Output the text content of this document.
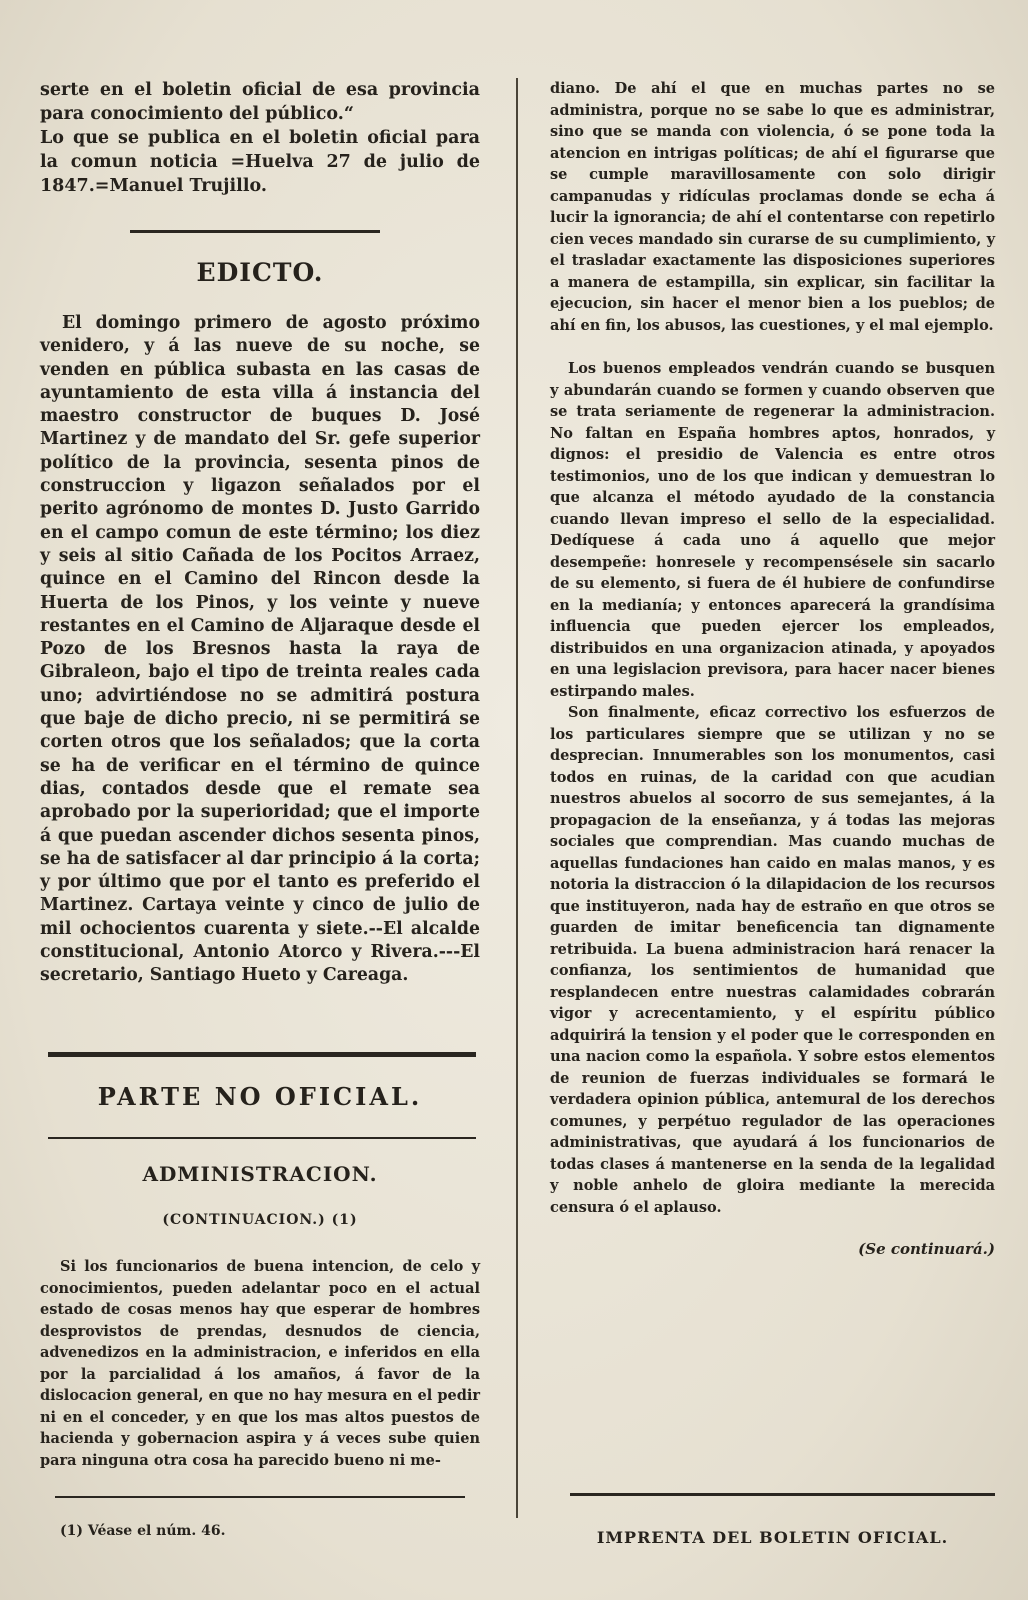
serte en el boletin oficial de esa provincia para conocimiento del público.“
Lo que se publica en el boletin oficial para la comun noticia =Huelva 27 de julio de 1847.=Manuel Trujillo.

EDICTO.

El domingo primero de agosto próximo venidero, y á las nueve de su noche, se venden en pública subasta en las casas de ayuntamiento de esta villa á instancia del maestro constructor de buques D. José Martinez y de mandato del Sr. gefe superior político de la provincia, sesenta pinos de construccion y ligazon señalados por el perito agrónomo de montes D. Justo Garrido en el campo comun de este término; los diez y seis al sitio Cañada de los Pocitos Arraez, quince en el Camino del Rincon desde la Huerta de los Pinos, y los veinte y nueve restantes en el Camino de Aljaraque desde el Pozo de los Bresnos hasta la raya de Gibraleon, bajo el tipo de treinta reales cada uno; advirtiéndose no se admitirá postura que baje de dicho precio, ni se permitirá se corten otros que los señalados; que la corta se ha de verificar en el término de quince dias, contados desde que el remate sea aprobado por la superioridad; que el importe á que puedan ascender dichos sesenta pinos, se ha de satisfacer al dar principio á la corta; y por último que por el tanto es preferido el Martinez. Cartaya veinte y cinco de julio de mil ochocientos cuarenta y siete.--El alcalde constitucional, Antonio Atorco y Rivera.---El secretario, Santiago Hueto y Careaga.

PARTE NO OFICIAL.
ADMINISTRACION.

(CONTINUACION.) (1)

Si los funcionarios de buena intencion, de celo y conocimientos, pueden adelantar poco en el actual estado de cosas menos hay que esperar de hombres desprovistos de prendas, desnudos de ciencia, advenedizos en la administracion, e inferidos en ella por la parcialidad á los amaños, á favor de la dislocacion general, en que no hay mesura en el pedir ni en el conceder, y en que los mas altos puestos de hacienda y gobernacion aspira y á veces sube quien para ninguna otra cosa ha parecido bueno ni me-

(1) Véase el núm. 46.

diano. De ahí el que en muchas partes no se administra, porque no se sabe lo que es administrar, sino que se manda con violencia, ó se pone toda la atencion en intrigas políticas; de ahí el figurarse que se cumple maravillosamente con solo dirigir campanudas y ridículas proclamas donde se echa á lucir la ignorancia; de ahí el contentarse con repetirlo cien veces mandado sin curarse de su cumplimiento, y el trasladar exactamente las disposiciones superiores a manera de estampilla, sin explicar, sin facilitar la ejecucion, sin hacer el menor bien a los pueblos; de ahí en fin, los abusos, las cuestiones, y el mal ejemplo.

Los buenos empleados vendrán cuando se busquen y abundarán cuando se formen y cuando observen que se trata seriamente de regenerar la administracion. No faltan en España hombres aptos, honrados, y dignos: el presidio de Valencia es entre otros testimonios, uno de los que indican y demuestran lo que alcanza el método ayudado de la constancia cuando llevan impreso el sello de la especialidad. Dedíquese á cada uno á aquello que mejor desempeñe: honresele y recompensésele sin sacarlo de su elemento, si fuera de él hubiere de confundirse en la medianía; y entonces aparecerá la grandísima influencia que pueden ejercer los empleados, distribuidos en una organizacion atinada, y apoyados en una legislacion previsora, para hacer nacer bienes estirpando males.

Son finalmente, eficaz correctivo los esfuerzos de los particulares siempre que se utilizan y no se desprecian. Innumerables son los monumentos, casi todos en ruinas, de la caridad con que acudian nuestros abuelos al socorro de sus semejantes, á la propagacion de la enseñanza, y á todas las mejoras sociales que comprendian. Mas cuando muchas de aquellas fundaciones han caido en malas manos, y es notoria la distraccion ó la dilapidacion de los recursos que instituyeron, nada hay de estraño en que otros se guarden de imitar beneficencia tan dignamente retribuida. La buena administracion hará renacer la confianza, los sentimientos de humanidad que resplandecen entre nuestras calamidades cobrarán vigor y acrecentamiento, y el espíritu público adquirirá la tension y el poder que le corresponden en una nacion como la española. Y sobre estos elementos de reunion de fuerzas individuales se formará le verdadera opinion pública, antemural de los derechos comunes, y perpétuo regulador de las operaciones administrativas, que ayudará á los funcionarios de todas clases á mantenerse en la senda de la legalidad y noble anhelo de gloira mediante la merecida censura ó el aplauso.

(Se continuará.)

IMPRENTA DEL BOLETIN OFICIAL.
